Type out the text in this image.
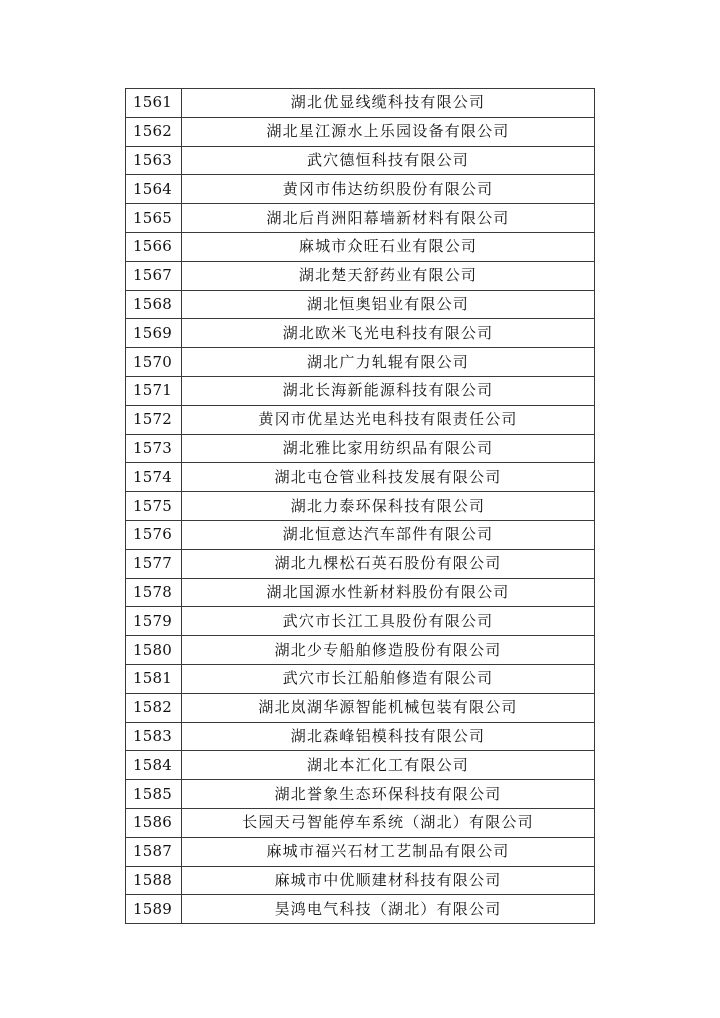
1561	湖北优显线缆科技有限公司
1562	湖北星江源水上乐园设备有限公司
1563	武穴德恒科技有限公司
1564	黄冈市伟达纺织股份有限公司
1565	湖北后肖洲阳幕墙新材料有限公司
1566	麻城市众旺石业有限公司
1567	湖北楚天舒药业有限公司
1568	湖北恒奥铝业有限公司
1569	湖北欧米飞光电科技有限公司
1570	湖北广力轧辊有限公司
1571	湖北长海新能源科技有限公司
1572	黄冈市优星达光电科技有限责任公司
1573	湖北雅比家用纺织品有限公司
1574	湖北屯仓管业科技发展有限公司
1575	湖北力泰环保科技有限公司
1576	湖北恒意达汽车部件有限公司
1577	湖北九棵松石英石股份有限公司
1578	湖北国源水性新材料股份有限公司
1579	武穴市长江工具股份有限公司
1580	湖北少专船舶修造股份有限公司
1581	武穴市长江船舶修造有限公司
1582	湖北岚湖华源智能机械包装有限公司
1583	湖北森峰铝模科技有限公司
1584	湖北本汇化工有限公司
1585	湖北誉象生态环保科技有限公司
1586	长园天弓智能停车系统（湖北）有限公司
1587	麻城市福兴石材工艺制品有限公司
1588	麻城市中优顺建材科技有限公司
1589	昊鸿电气科技（湖北）有限公司
